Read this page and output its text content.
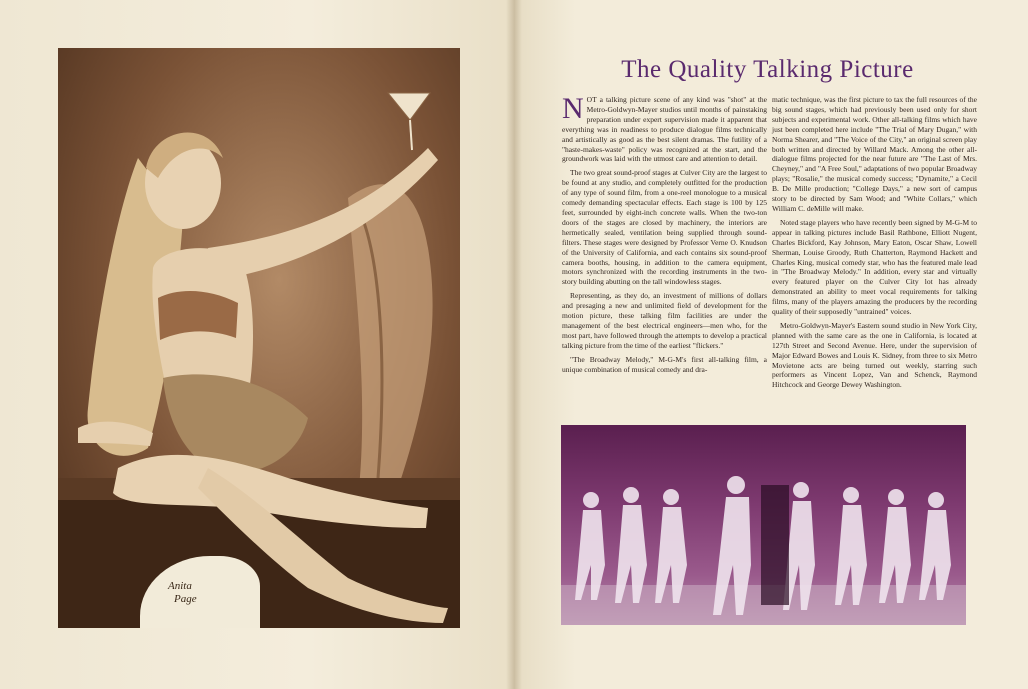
Anita
Page
The Quality Talking Picture

NOT a talking picture scene of any kind was "shot" at the Metro-Goldwyn-Mayer studios until months of painstaking preparation under expert supervision made it apparent that everything was in readiness to produce dialogue films technically and artistically as good as the best silent dramas. The futility of a "haste-makes-waste" policy was recognized at the start, and the groundwork was laid with the utmost care and attention to detail.

The two great sound-proof stages at Culver City are the largest to be found at any studio, and completely outfitted for the production of any type of sound film, from a one-reel monologue to a musical comedy demanding spectacular effects. Each stage is 100 by 125 feet, surrounded by eight-inch concrete walls. When the two-ton doors of the stages are closed by machinery, the interiors are hermetically sealed, ventilation being supplied through sound-filters. These stages were designed by Professor Verne O. Knudson of the University of California, and each contains six sound-proof camera booths, housing, in addition to the camera equipment, motors synchronized with the recording instruments in the two-story building abutting on the tall windowless stages.

Representing, as they do, an investment of millions of dollars and presaging a new and unlimited field of development for the motion picture, these talking film facilities are under the management of the best electrical engineers—men who, for the most part, have followed through the attempts to develop a practical talking picture from the time of the earliest "flickers."

"The Broadway Melody," M-G-M's first all-talking film, a unique combination of musical comedy and dra-

matic technique, was the first picture to tax the full resources of the big sound stages, which had previously been used only for short subjects and experimental work. Other all-talking films which have just been completed here include "The Trial of Mary Dugan," with Norma Shearer, and "The Voice of the City," an original screen play both written and directed by Willard Mack. Among the other all-dialogue films projected for the near future are "The Last of Mrs. Cheyney," and "A Free Soul," adaptations of two popular Broadway plays; "Rosalie," the musical comedy success; "Dynamite," a Cecil B. De Mille production; "College Days," a new sort of campus story to be directed by Sam Wood; and "White Collars," which William C. deMille will make.

Noted stage players who have recently been signed by M-G-M to appear in talking pictures include Basil Rathbone, Elliott Nugent, Charles Bickford, Kay Johnson, Mary Eaton, Oscar Shaw, Lowell Sherman, Louise Groody, Ruth Chatterton, Raymond Hackett and Charles King, musical comedy star, who has the featured male lead in "The Broadway Melody." In addition, every star and virtually every featured player on the Culver City lot has already demonstrated an ability to meet vocal requirements for talking films, many of the players amazing the producers by the recording quality of their supposedly "untrained" voices.

Metro-Goldwyn-Mayer's Eastern sound studio in New York City, planned with the same care as the one in California, is located at 127th Street and Second Avenue. Here, under the supervision of Major Edward Bowes and Louis K. Sidney, from three to six Metro Movietone acts are being turned out weekly, starring such performers as Vincent Lopez, Van and Schenck, Raymond Hitchcock and George Dewey Washington.
